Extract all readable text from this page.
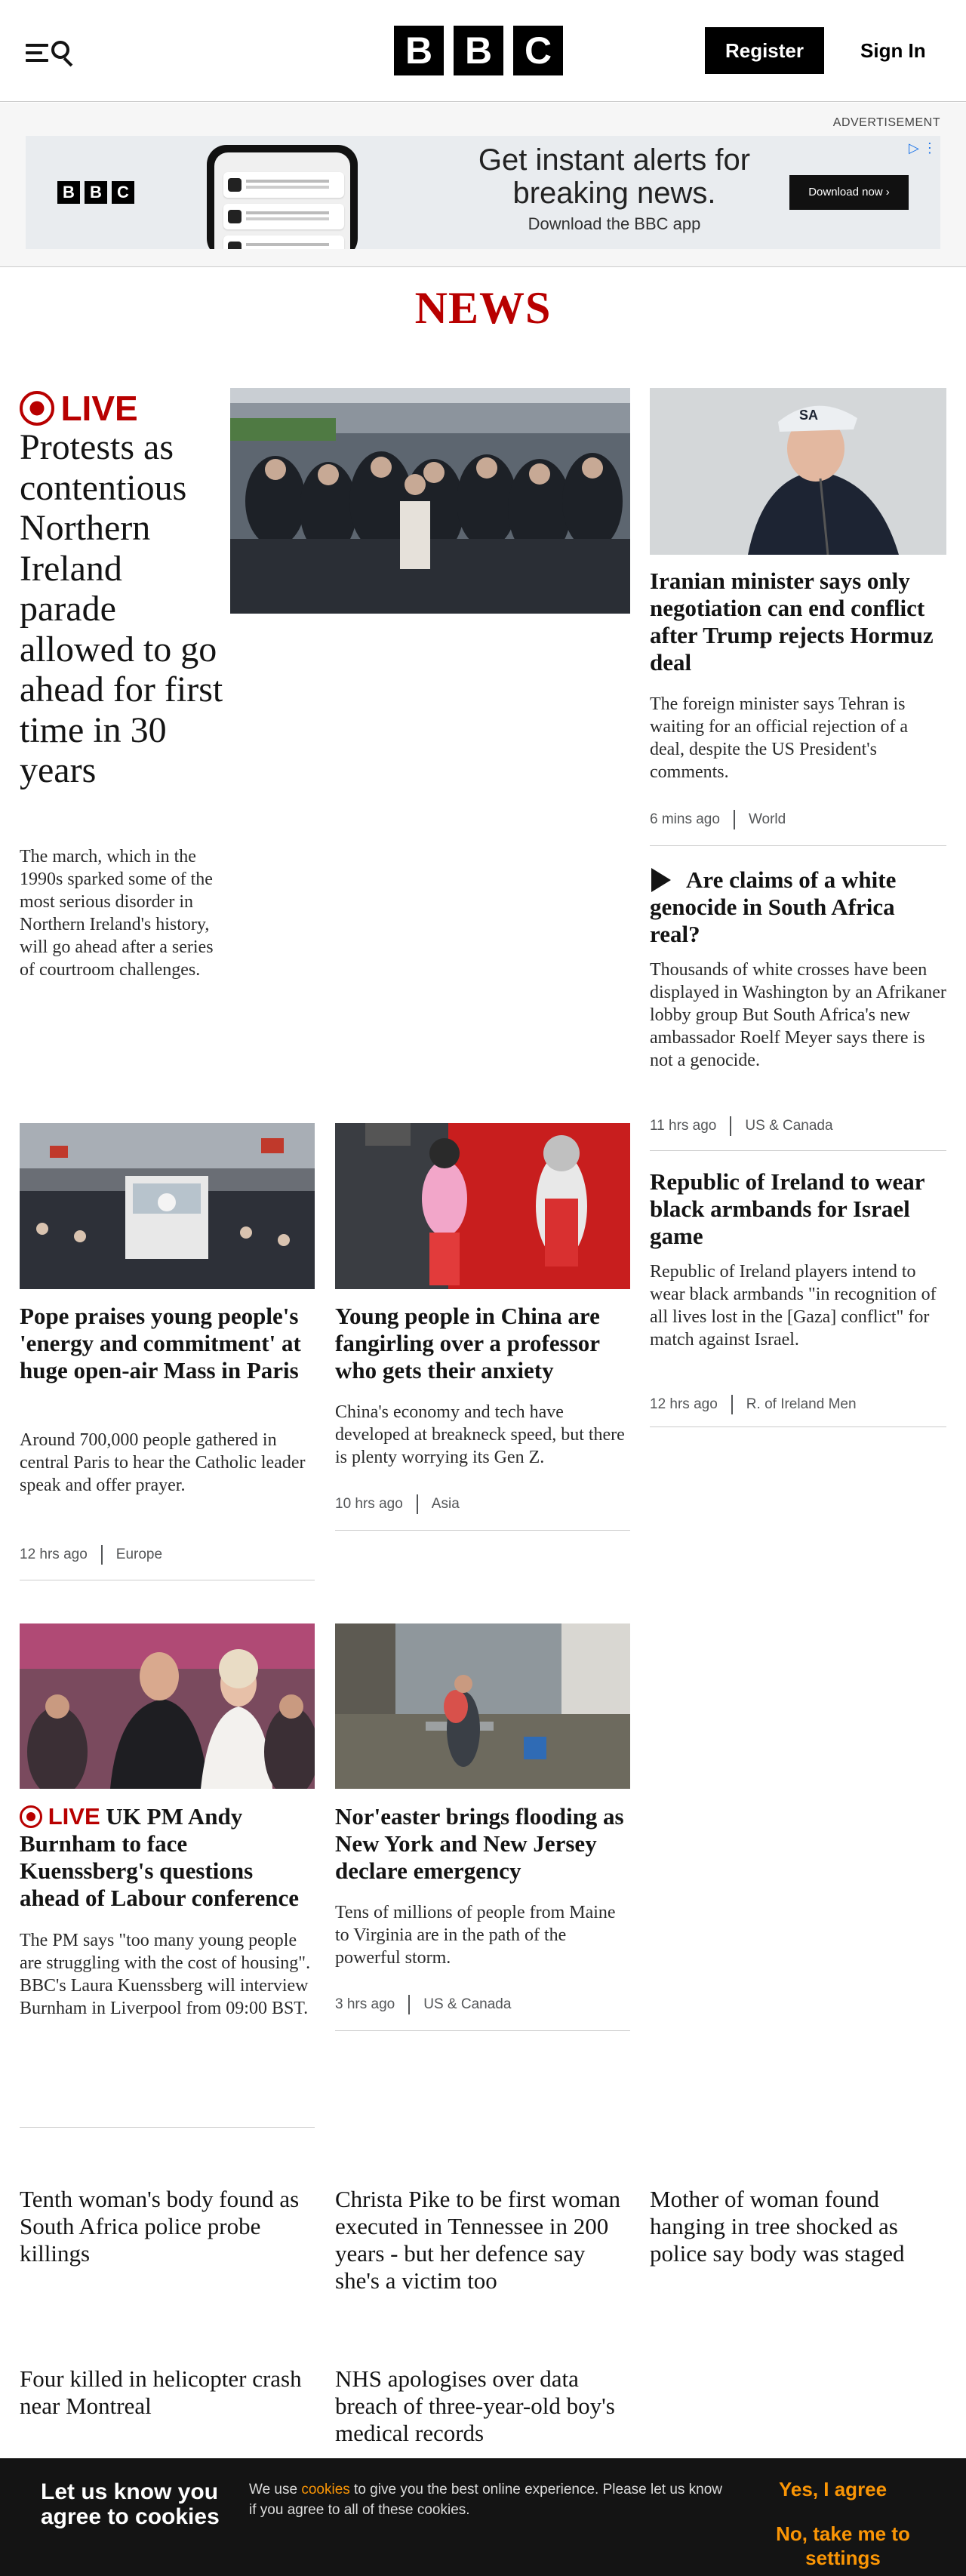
B B C	Register	Sign In
ADVERTISEMENT
B B C
Get instant alerts for breaking news.
Download the BBC app
Download now ›
▷ ⋮
NEWS
LIVE
Protests as contentious Northern Ireland parade allowed to go ahead for first time in 30 years
The march, which in the 1990s sparked some of the most serious disorder in Northern Ireland's history, will go ahead after a series of courtroom challenges.
SA
Iranian minister says only negotiation can end conflict after Trump rejects Hormuz deal
The foreign minister says Tehran is waiting for an official rejection of a deal, despite the US President's comments.
6 mins ago World
Are claims of a white genocide in South Africa real?
Thousands of white crosses have been displayed in Washington by an Afrikaner lobby group But South Africa's new ambassador Roelf Meyer says there is not a genocide.
11 hrs ago US & Canada
Republic of Ireland to wear black armbands for Israel game
Republic of Ireland players intend to wear black armbands "in recognition of all lives lost in the [Gaza] conflict" for match against Israel.
12 hrs ago R. of Ireland Men
Pope praises young people's 'energy and commitment' at huge open-air Mass in Paris
Around 700,000 people gathered in central Paris to hear the Catholic leader speak and offer prayer.
12 hrs ago Europe
Young people in China are fangirling over a professor who gets their anxiety
China's economy and tech have developed at breakneck speed, but there is plenty worrying its Gen Z.
10 hrs ago Asia
LIVE UK PM Andy Burnham to face Kuenssberg's questions ahead of Labour conference
The PM says "too many young people are struggling with the cost of housing". BBC's Laura Kuenssberg will interview Burnham in Liverpool from 09:00 BST.
Nor'easter brings flooding as New York and New Jersey declare emergency
Tens of millions of people from Maine to Virginia are in the path of the powerful storm.
3 hrs ago US & Canada
Tenth woman's body found as South Africa police probe killings
Christa Pike to be first woman executed in Tennessee in 200 years - but her defence say she's a victim too
Mother of woman found hanging in tree shocked as police say body was staged
Four killed in helicopter crash near Montreal
NHS apologises over data breach of three-year-old boy's medical records
Let us know you agree to cookies
We use cookies to give you the best online experience. Please let us know if you agree to all of these cookies.
Yes, I agree
No, take me to settings
